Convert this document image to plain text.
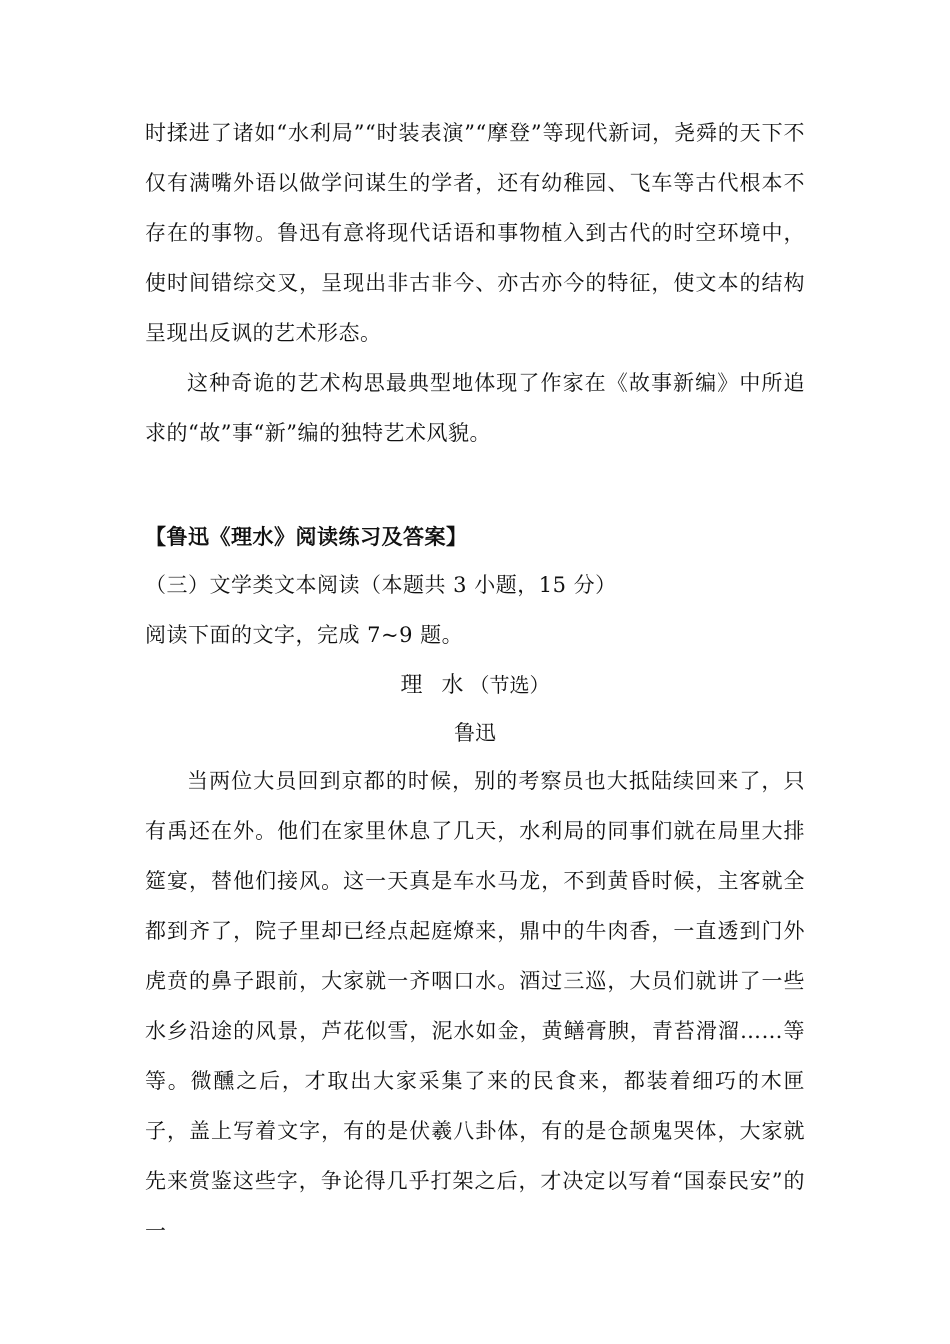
时揉进了诸如“水利局”“时装表演”“摩登”等现代新词，尧舜的天下不仅有满嘴外语以做学问谋生的学者，还有幼稚园、飞车等古代根本不存在的事物。鲁迅有意将现代话语和事物植入到古代的时空环境中，使时间错综交叉，呈现出非古非今、亦古亦今的特征，使文本的结构呈现出反讽的艺术形态。

这种奇诡的艺术构思最典型地体现了作家在《故事新编》中所追求的“故”事“新”编的独特艺术风貌。

【鲁迅《理水》阅读练习及答案】

（三）文学类文本阅读（本题共 3 小题，15 分）

阅读下面的文字，完成 7~9 题。

理 水（节选）
鲁迅

当两位大员回到京都的时候，别的考察员也大抵陆续回来了，只有禹还在外。他们在家里休息了几天，水利局的同事们就在局里大排筵宴，替他们接风。这一天真是车水马龙，不到黄昏时候，主客就全都到齐了，院子里却已经点起庭燎来，鼎中的牛肉香，一直透到门外虎贲的鼻子跟前，大家就一齐咽口水。酒过三巡，大员们就讲了一些水乡沿途的风景，芦花似雪，泥水如金，黄鳝膏腴，青苔滑溜……等等。微醺之后，才取出大家采集了来的民食来，都装着细巧的木匣子，盖上写着文字，有的是伏羲八卦体，有的是仓颉鬼哭体，大家就先来赏鉴这些字，争论得几乎打架之后，才决定以写着“国泰民安”的一
